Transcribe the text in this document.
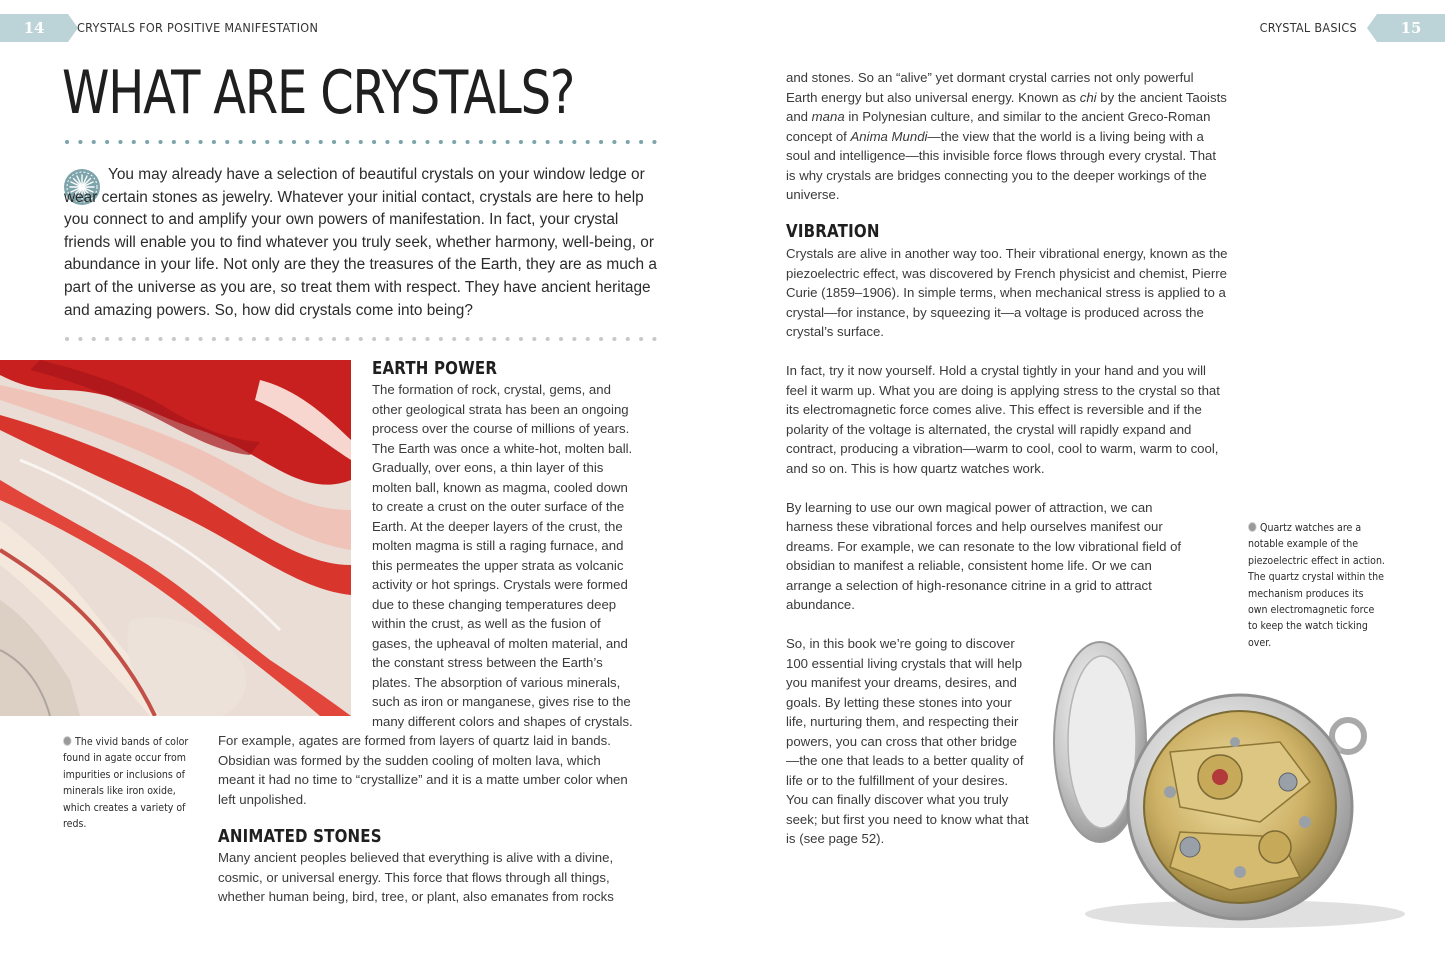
14	CRYSTALS FOR POSITIVE MANIFESTATION	CRYSTAL BASICS	15
WHAT ARE CRYSTALS?

You may already have a selection of beautiful crystals on your window ledge or wear certain stones as jewelry. Whatever your initial contact, crystals are here to help you connect to and amplify your own powers of manifestation. In fact, your crystal friends will enable you to find whatever you truly seek, whether harmony, well-being, or abundance in your life. Not only are they the treasures of the Earth, they are as much a part of the universe as you are, so treat them with respect. They have ancient heritage and amazing powers. So, how did crystals come into being?

EARTH POWER
The formation of rock, crystal, gems, and
other geological strata has been an ongoing
process over the course of millions of years.
The Earth was once a white-hot, molten ball.
Gradually, over eons, a thin layer of this
molten ball, known as magma, cooled down
to create a crust on the outer surface of the
Earth. At the deeper layers of the crust, the
molten magma is still a raging furnace, and
this permeates the upper strata as volcanic
activity or hot springs. Crystals were formed
due to these changing temperatures deep
within the crust, as well as the fusion of
gases, the upheaval of molten material, and
the constant stress between the Earth’s
plates. The absorption of various minerals,
such as iron or manganese, gives rise to the
many different colors and shapes of crystals.

For example, agates are formed from layers of quartz laid in bands. Obsidian was formed by the sudden cooling of molten lava, which meant it had no time to “crystallize” and it is a matte umber color when left unpolished.

The vivid bands of color found in agate occur from impurities or inclusions of minerals like iron oxide, which creates a variety of reds.
ANIMATED STONES

Many ancient peoples believed that everything is alive with a divine, cosmic, or universal energy. This force that flows through all things, whether human being, bird, tree, or plant, also emanates from rocks

and stones. So an “alive” yet dormant crystal carries not only powerful Earth energy but also universal energy. Known as chi by the ancient Taoists and mana in Polynesian culture, and similar to the ancient Greco-Roman concept of Anima Mundi—the view that the world is a living being with a soul and intelligence—this invisible force flows through every crystal. That is why crystals are bridges connecting you to the deeper workings of the universe.

VIBRATION

Crystals are alive in another way too. Their vibrational energy, known as the piezoelectric effect, was discovered by French physicist and chemist, Pierre Curie (1859–1906). In simple terms, when mechanical stress is applied to a crystal—for instance, by squeezing it—a voltage is produced across the crystal’s surface.

In fact, try it now yourself. Hold a crystal tightly in your hand and you will feel it warm up. What you are doing is applying stress to the crystal so that its electromagnetic force comes alive. This effect is reversible and if the polarity of the voltage is alternated, the crystal will rapidly expand and contract, producing a vibration—warm to cool, cool to warm, warm to cool, and so on. This is how quartz watches work.

By learning to use our own magical power of attraction, we can harness these vibrational forces and help ourselves manifest our dreams. For example, we can resonate to the low vibrational field of obsidian to manifest a reliable, consistent home life. Or we can arrange a selection of high-resonance citrine in a grid to attract abundance.

So, in this book we’re going to discover 100 essential living crystals that will help you manifest your dreams, desires, and goals. By letting these stones into your life, nurturing them, and respecting their powers, you can cross that other bridge—the one that leads to a better quality of life or to the fulfillment of your desires. You can finally discover what you truly seek; but first you need to know what that is (see page 52).

Quartz watches are a notable example of the piezoelectric effect in action. The quartz crystal within the mechanism produces its own electromagnetic force to keep the watch ticking over.
